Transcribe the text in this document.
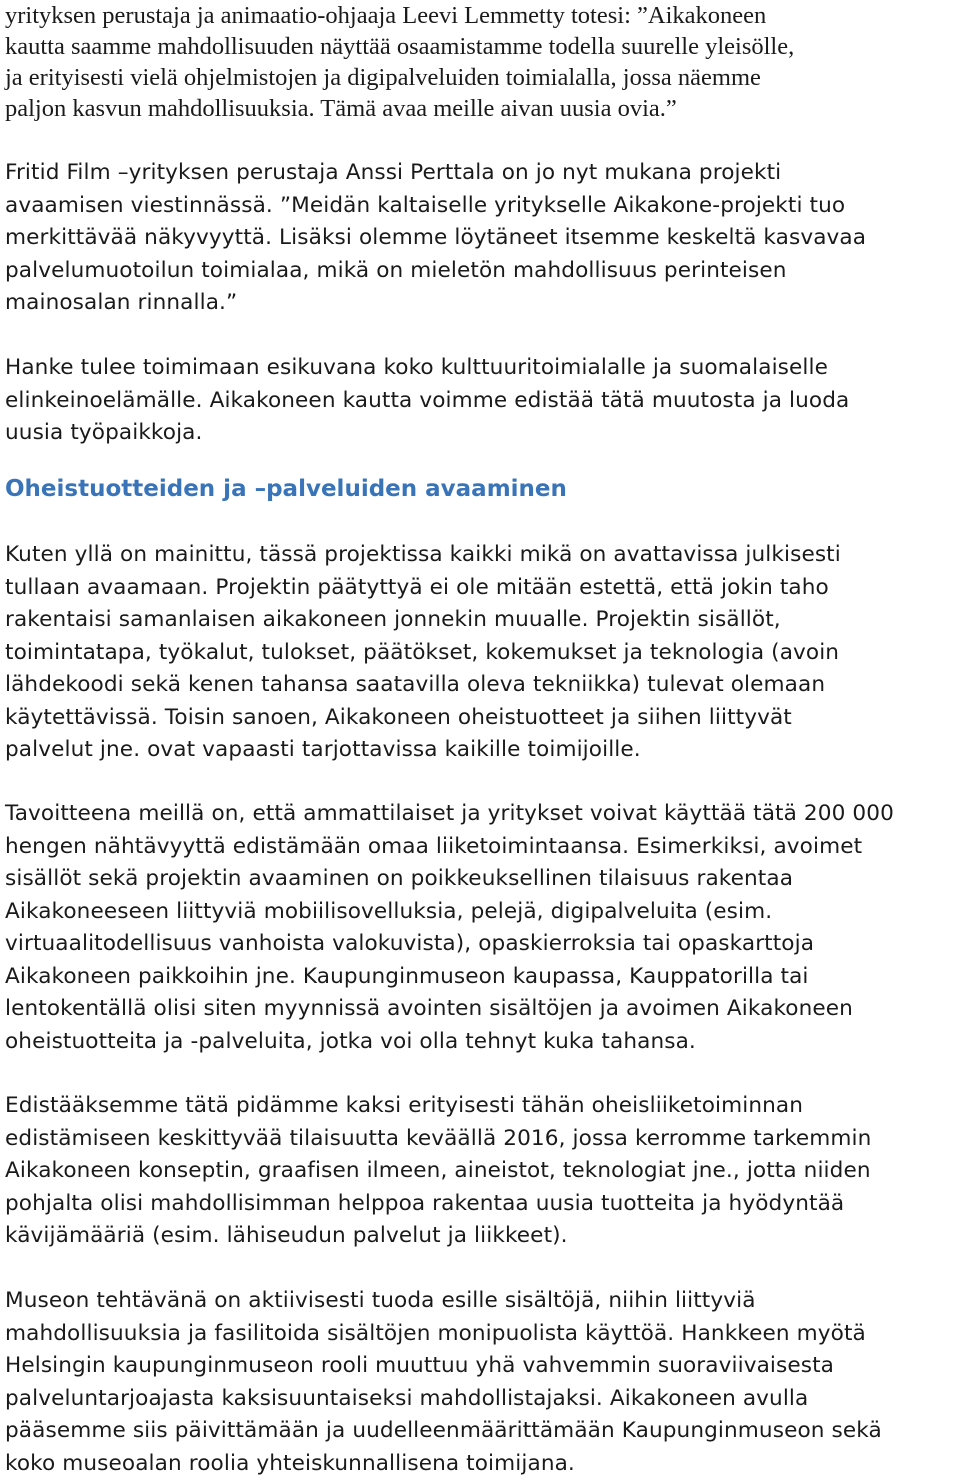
yrityksen perustaja ja animaatio-ohjaaja Leevi Lemmetty totesi: ”Aikakoneen
kautta saamme mahdollisuuden näyttää osaamistamme todella suurelle yleisölle,
ja erityisesti vielä ohjelmistojen ja digipalveluiden toimialalla, jossa näemme
paljon kasvun mahdollisuuksia. Tämä avaa meille aivan uusia ovia.”
Fritid Film –yrityksen perustaja Anssi Perttala on jo nyt mukana projekti
avaamisen viestinnässä. ”Meidän kaltaiselle yritykselle Aikakone-projekti tuo
merkittävää näkyvyyttä. Lisäksi olemme löytäneet itsemme keskeltä kasvavaa
palvelumuotoilun toimialaa, mikä on mieletön mahdollisuus perinteisen
mainosalan rinnalla.”
Hanke tulee toimimaan esikuvana koko kulttuuritoimialalle ja suomalaiselle
elinkeinoelämälle. Aikakoneen kautta voimme edistää tätä muutosta ja luoda
uusia työpaikkoja.
Oheistuotteiden ja –palveluiden avaaminen
Kuten yllä on mainittu, tässä projektissa kaikki mikä on avattavissa julkisesti
tullaan avaamaan. Projektin päätyttyä ei ole mitään estettä, että jokin taho
rakentaisi samanlaisen aikakoneen jonnekin muualle. Projektin sisällöt,
toimintatapa, työkalut, tulokset, päätökset, kokemukset ja teknologia (avoin
lähdekoodi sekä kenen tahansa saatavilla oleva tekniikka) tulevat olemaan
käytettävissä. Toisin sanoen, Aikakoneen oheistuotteet ja siihen liittyvät
palvelut jne. ovat vapaasti tarjottavissa kaikille toimijoille.
Tavoitteena meillä on, että ammattilaiset ja yritykset voivat käyttää tätä 200 000
hengen nähtävyyttä edistämään omaa liiketoimintaansa. Esimerkiksi, avoimet
sisällöt sekä projektin avaaminen on poikkeuksellinen tilaisuus rakentaa
Aikakoneeseen liittyviä mobiilisovelluksia, pelejä, digipalveluita (esim.
virtuaalitodellisuus vanhoista valokuvista), opaskierroksia tai opaskarttoja
Aikakoneen paikkoihin jne. Kaupunginmuseon kaupassa, Kauppatorilla tai
lentokentällä olisi siten myynnissä avointen sisältöjen ja avoimen Aikakoneen
oheistuotteita ja -palveluita, jotka voi olla tehnyt kuka tahansa.
Edistääksemme tätä pidämme kaksi erityisesti tähän oheisliiketoiminnan
edistämiseen keskittyvää tilaisuutta keväällä 2016, jossa kerromme tarkemmin
Aikakoneen konseptin, graafisen ilmeen, aineistot, teknologiat jne., jotta niiden
pohjalta olisi mahdollisimman helppoa rakentaa uusia tuotteita ja hyödyntää
kävijämääriä (esim. lähiseudun palvelut ja liikkeet).
Museon tehtävänä on aktiivisesti tuoda esille sisältöjä, niihin liittyviä
mahdollisuuksia ja fasilitoida sisältöjen monipuolista käyttöä. Hankkeen myötä
Helsingin kaupunginmuseon rooli muuttuu yhä vahvemmin suoraviivaisesta
palveluntarjoajasta kaksisuuntaiseksi mahdollistajaksi. Aikakoneen avulla
pääsemme siis päivittämään ja uudelleenmäärittämään Kaupunginmuseon sekä
koko museoalan roolia yhteiskunnallisena toimijana.
